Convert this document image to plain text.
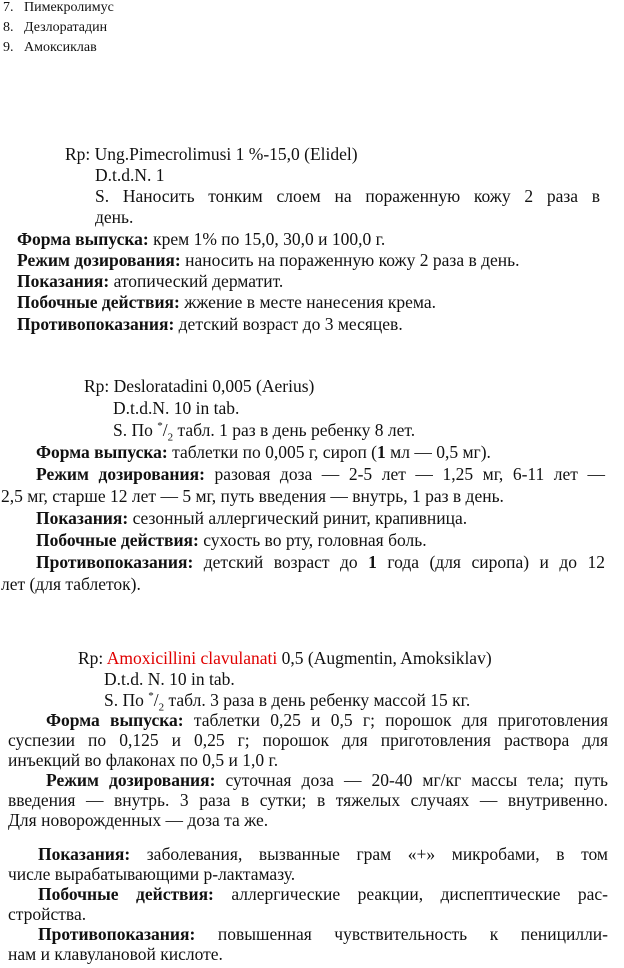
7. Пимекролимус
8. Дезлоратадин
9. Амоксиклав
Rp: Ung.Pimecrolimusi 1 %-15,0 (Elidel)
D.t.d.N. 1
S. Наносить тонким слоем на пораженную кожу 2 раза в
день.
Форма выпуска: крем 1% по 15,0, 30,0 и 100,0 г.
Режим дозирования: наносить на пораженную кожу 2 раза в день.
Показания: атопический дерматит.
Побочные действия: жжение в месте нанесения крема.
Противопоказания: детский возраст до 3 месяцев.
Rp: Desloratadini 0,005 (Aerius)
D.t.d.N. 10 in tab.
S. По $^*/_2$ табл. 1 раз в день ребенку 8 лет.
Форма выпуска: таблетки по 0,005 г, сироп (1 мл — 0,5 мг).
Режим дозирования: разовая доза — 2-5 лет — 1,25 мг, 6-11 лет —
2,5 мг, старше 12 лет — 5 мг, путь введения — внутрь, 1 раз в день.
Показания: сезонный аллергический ринит, крапивница.
Побочные действия: сухость во рту, головная боль.
Противопоказания: детский возраст до 1 года (для сиропа) и до 12
лет (для таблеток).
Rp: Amoxicillini clavulanati 0,5 (Augmentin, Amoksiklav)
D.t.d. N. 10 in tab.
S. По $^*/_2$ табл. 3 раза в день ребенку массой 15 кг.
Форма выпуска: таблетки 0,25 и 0,5 г; порошок для приготовления
суспезии по 0,125 и 0,25 г; порошок для приготовления раствора для
инъекций во флаконах по 0,5 и 1,0 г.
Режим дозирования: суточная доза — 20-40 мг/кг массы тела; путь
введения — внутрь. 3 раза в сутки; в тяжелых случаях — внутривенно.
Для новорожденных — доза та же.
Показания: заболевания, вызванные грам «+» микробами, в том
числе вырабатывающими р-лактамазу.
Побочные действия: аллергические реакции, диспептические рас-
стройства.
Противопоказания: повышенная чувствительность к пеницилли-
нам и клавулановой кислоте.
